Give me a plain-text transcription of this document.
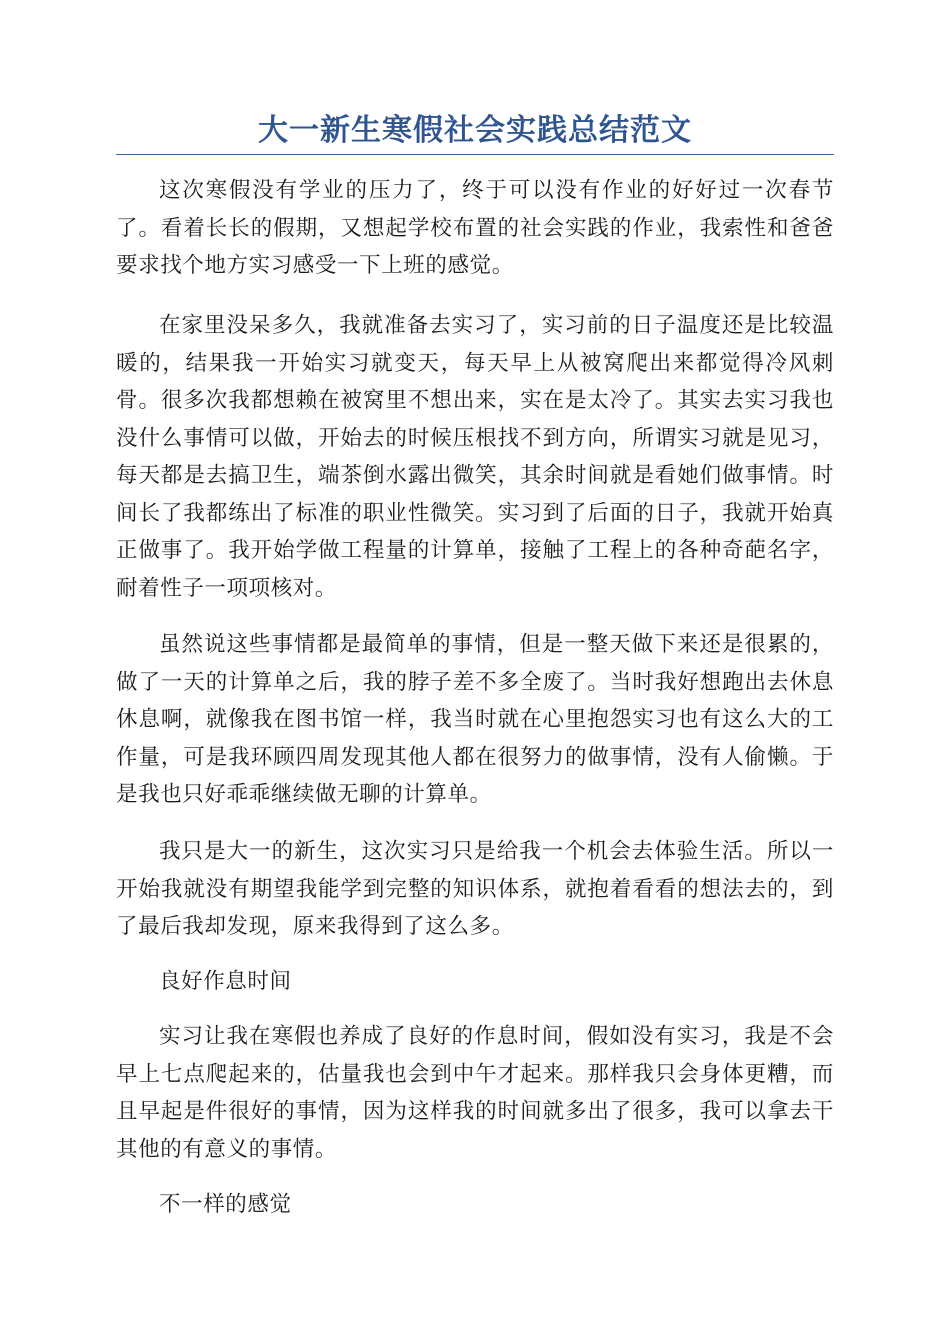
大一新生寒假社会实践总结范文

这次寒假没有学业的压力了，终于可以没有作业的好好过一次春节了。看着长长的假期，又想起学校布置的社会实践的作业，我索性和爸爸要求找个地方实习感受一下上班的感觉。

在家里没呆多久，我就准备去实习了，实习前的日子温度还是比较温暖的，结果我一开始实习就变天，每天早上从被窝爬出来都觉得冷风刺骨。很多次我都想赖在被窝里不想出来，实在是太冷了。其实去实习我也没什么事情可以做，开始去的时候压根找不到方向，所谓实习就是见习，每天都是去搞卫生，端茶倒水露出微笑，其余时间就是看她们做事情。时间长了我都练出了标准的职业性微笑。实习到了后面的日子，我就开始真正做事了。我开始学做工程量的计算单，接触了工程上的各种奇葩名字，耐着性子一项项核对。

虽然说这些事情都是最简单的事情，但是一整天做下来还是很累的，做了一天的计算单之后，我的脖子差不多全废了。当时我好想跑出去休息休息啊，就像我在图书馆一样，我当时就在心里抱怨实习也有这么大的工作量，可是我环顾四周发现其他人都在很努力的做事情，没有人偷懒。于是我也只好乖乖继续做无聊的计算单。

我只是大一的新生，这次实习只是给我一个机会去体验生活。所以一开始我就没有期望我能学到完整的知识体系，就抱着看看的想法去的，到了最后我却发现，原来我得到了这么多。

良好作息时间

实习让我在寒假也养成了良好的作息时间，假如没有实习，我是不会早上七点爬起来的，估量我也会到中午才起来。那样我只会身体更糟，而且早起是件很好的事情，因为这样我的时间就多出了很多，我可以拿去干其他的有意义的事情。

不一样的感觉
